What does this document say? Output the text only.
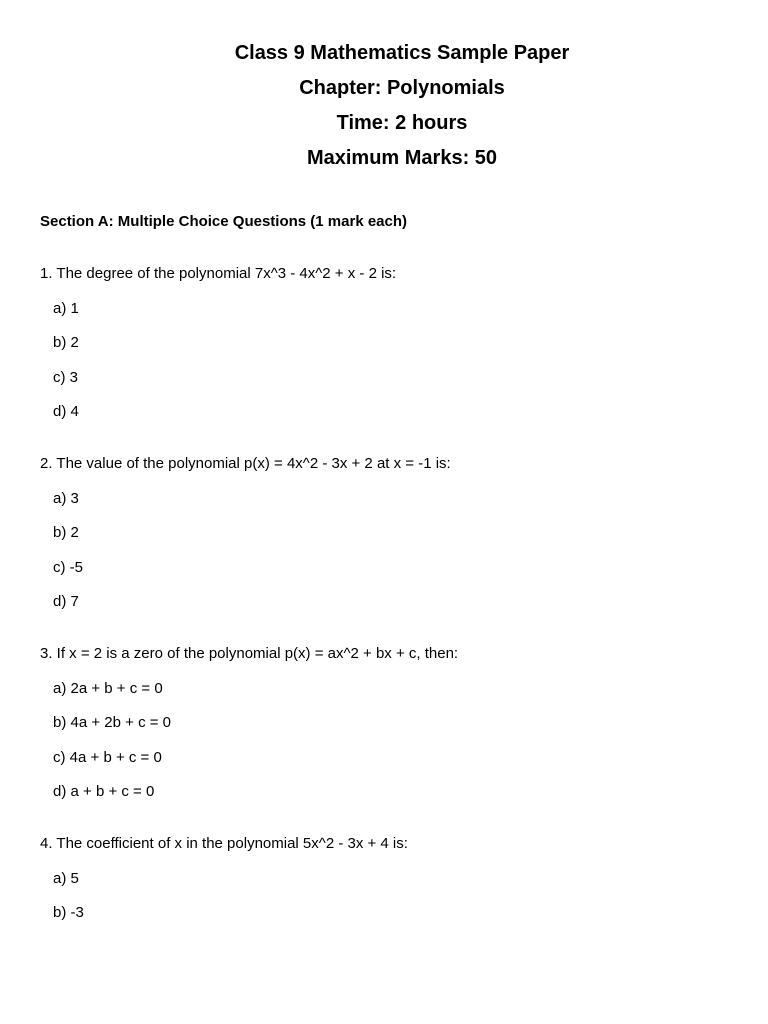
Class 9 Mathematics Sample Paper

Chapter: Polynomials

Time: 2 hours

Maximum Marks: 50

Section A: Multiple Choice Questions (1 mark each)

1. The degree of the polynomial 7x^3 - 4x^2 + x - 2 is:

a) 1
b) 2
c) 3
d) 4

2. The value of the polynomial p(x) = 4x^2 - 3x + 2 at x = -1 is:

a) 3
b) 2
c) -5
d) 7

3. If x = 2 is a zero of the polynomial p(x) = ax^2 + bx + c, then:

a) 2a + b + c = 0
b) 4a + 2b + c = 0
c) 4a + b + c = 0
d) a + b + c = 0

4. The coefficient of x in the polynomial 5x^2 - 3x + 4 is:

a) 5
b) -3
